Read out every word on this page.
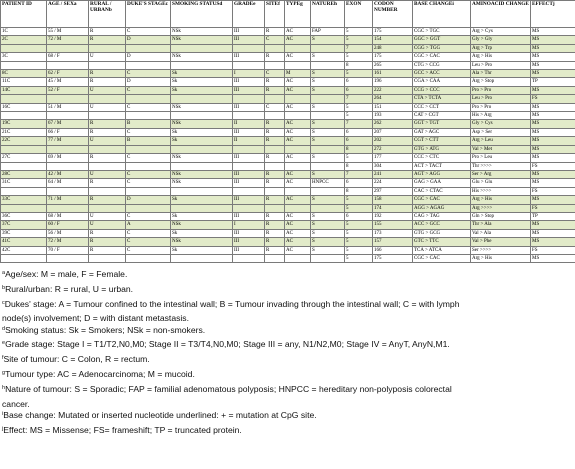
PATIENT ID	AGE / SEXa	RURAL / URBANb	DUKE'S STAGEc	SMOKING STATUSd	GRADEe	SITEf	TYPEg	NATUREh	EXON	CODON NUMBER	BASE CHANGEi	AMINOACID CHANGE	EFFECTj
1C	55 / M	R	C	NSk	III	R	AC	FAP	5	175	CGC > TGC	Arg > Cys	MS
2C	72 / M	R	D	NSk	III	C	AC	S	5	154	GGC > GGT	Gly > Gly	MS
									7	248	CGG > TGG	Arg > Trp	MS
3C	68 / F	U	D	NSk	III	R	AC	S	5	175	CGC > CAC	Arg > His	MS
									8	265	CTG > CCG	Leu > Pro	MS
8C	62 / F	R	C	Sk	I	C	M	S	5	161	GCC > ACC	Ala > Thr	MS
11C	45 / M	R	D	Sk	III	R	AC	S	6	196	CGA > CAA	Arg > Stop	TP
14C	52 / F	U	C	Sk	III	R	AC	S	6	222	CCG > CCC	Pro > Pro	MS
									7	264	CTA > TCTA	Leu > Pro	FS
16C	51 / M	U	C	NSk	III	C	AC	S	5	151	CCC > CCT	Pro > Pro	MS
									5	193	CAT > CGT	His > Arg	MS
19C	67 / M	R	B	NSk	II	R	AC	S	7	262	GGT > TGT	Gly > Cys	MS
21C	66 / F	R	C	Sk	III	R	AC	S	6	207	GAT > AGC	Asp > Ser	MS
22C	77 / M	U	B	Sk	II	R	AC	S	6	202	CGT > CTT	Arg > Leu	MS
									8	272	GTG > ATG	Val > Met	MS
27C	69 / M	R	C	NSk	III	R	AC	S	5	177	CCC > CTC	Pro > Leu	MS
									8	304	ACT > TACT	Thr >>>>	FS
28C	42 / M	U	C	NSk	III	R	AC	S	7	241	AGT > AGG	Ser > Arg	MS
31C	64 / M	R	C	NSk	III	R	AC	HNPCC	6	224	GAG > GAA	Glu > Glu	MS
									8	297	CAC > CTAC	His >>>>	FS
33C	71 / M	R	D	Sk	III	R	AC	S	5	158	CGC > CAC	Arg > His	MS
									5	174	AGG > AGAG	Arg >>>>	FS
36C	68 / M	U	C	Sk	III	R	AC	S	6	192	CAG > TAG	Gln > Stop	TP
37C	60 / F	U	A	NSk	I	R	AC	S	5	155	ACC > GCC	Thr > Ala	MS
39C	56 / M	R	C	Sk	III	R	AC	S	5	173	GTG > GCG	Val > Ala	MS
41C	72 / M	R	C	NSk	III	R	AC	S	5	157	GTC > TTC	Val > Phe	MS
42C	70 / F	R	C	Sk	III	R	AC	S	5	166	TCA > ATCA	Ser >>>>	FS
									5	175	CGC > CAC	Arg > His	MS
$^a$Age/sex: M = male, F = Female.
$^b$Rural/urban: R = rural, U = urban.
$^c$Dukes' stage: A = Tumour confined to the intestinal wall; B = Tumour invading through the intestinal wall; C = with lymph
node(s) involvement; D = with distant metastasis.
$^d$Smoking status: Sk = Smokers; NSk = non-smokers.
$^e$Grade stage: Stage I = T1/T2,N0,M0; Stage II = T3/T4,N0,M0; Stage III = any, N1/N2,M0; Stage IV = AnyT, AnyN,M1.
$^f$Site of tumour: C = Colon, R = rectum.
$^g$Tumour type: AC = Adenocarcinoma; M = mucoid.
$^h$Nature of tumour: S = Sporadic; FAP = familial adenomatous polyposis; HNPCC = hereditary non-polyposis colorectal
cancer.
$^i$Base change: Mutated or inserted nucleotide underlined: + = mutation at CpG site.
$^j$Effect: MS = Missense; FS= frameshift; TP = truncated protein.
